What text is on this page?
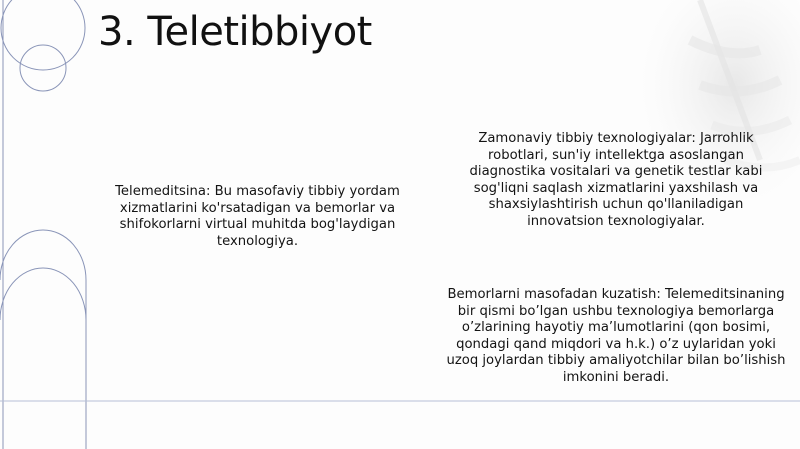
3. Teletibbiyot

Telemeditsina: Bu masofaviy tibbiy yordam xizmatlarini ko'rsatadigan va bemorlar va shifokorlarni virtual muhitda bog'laydigan texnologiya.

Zamonaviy tibbiy texnologiyalar: Jarrohlik robotlari, sun'iy intellektga asoslangan diagnostika vositalari va genetik testlar kabi sog'liqni saqlash xizmatlarini yaxshilash va shaxsiylashtirish uchun qo'llaniladigan innovatsion texnologiyalar.

Bemorlarni masofadan kuzatish: Telemeditsinaning bir qismi bo’lgan ushbu texnologiya bemorlarga o’zlarining hayotiy ma’lumotlarini (qon bosimi, qondagi qand miqdori va h.k.) o’z uylaridan yoki uzoq joylardan tibbiy amaliyotchilar bilan bo’lishish imkonini beradi.
